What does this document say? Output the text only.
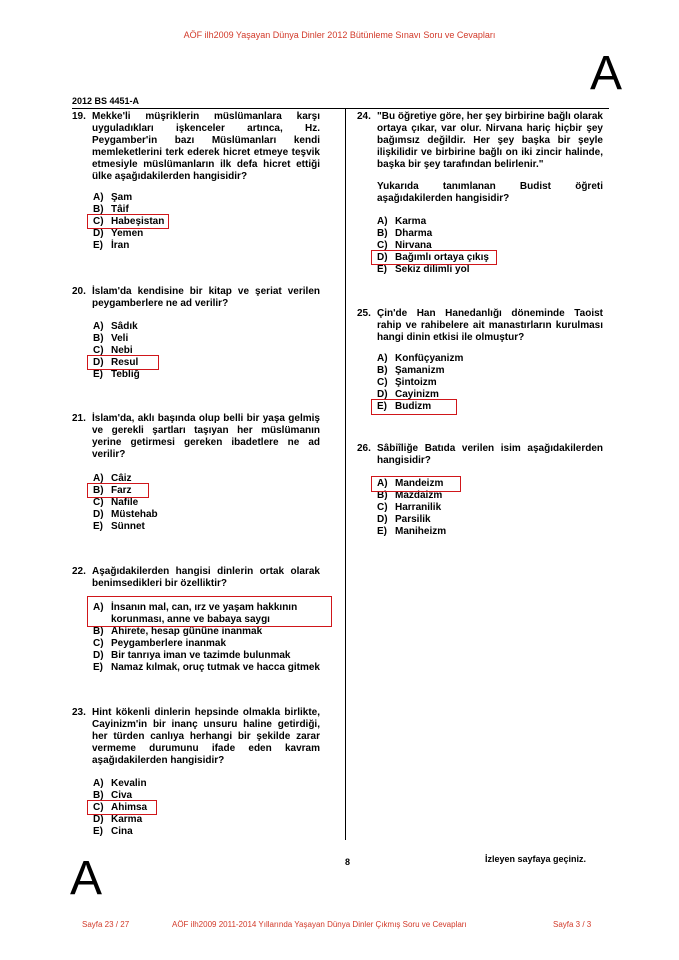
AÖF ilh2009 Yaşayan Dünya Dinler 2012 Bütünleme Sınavı Soru ve Cevapları
A
2012 BS 4451-A
19. Mekke'li müşriklerin müslümanlara karşı uyguladıkları işkenceler artınca, Hz. Peygamber'in bazı Müslümanları kendi memleketlerini terk ederek hicret etmeye teşvik etmesiyle müslümanların ilk defa hicret ettiği ülke aşağıdakilerden hangisidir?
A) Şam
B) Tâif
C) Habeşistan
D) Yemen
E) İran
20. İslam'da kendisine bir kitap ve şeriat verilen peygamberlere ne ad verilir?
A) Sâdık
B) Veli
C) Nebi
D) Resul
E) Tebliğ
21. İslam'da, aklı başında olup belli bir yaşa gelmiş ve gerekli şartları taşıyan her müslümanın yerine getirmesi gereken ibadetlere ne ad verilir?
A) Câiz
B) Farz
C) Nafile
D) Müstehab
E) Sünnet
22. Aşağıdakilerden hangisi dinlerin ortak olarak benimsedikleri bir özelliktir?
A) İnsanın mal, can, ırz ve yaşam hakkının korunması, anne ve babaya saygı
B) Ahirete, hesap gününe inanmak
C) Peygamberlere inanmak
D) Bir tanrıya iman ve tazimde bulunmak
E) Namaz kılmak, oruç tutmak ve hacca gitmek
23. Hint kökenli dinlerin hepsinde olmakla birlikte, Cayinizm'in bir inanç unsuru haline getirdiği, her türden canlıya herhangi bir şekilde zarar vermeme durumunu ifade eden kavram aşağıdakilerden hangisidir?
A) Kevalin
B) Civa
C) Ahimsa
D) Karma
E) Cina
24. "Bu öğretiye göre, her şey birbirine bağlı olarak ortaya çıkar, var olur. Nirvana hariç hiçbir şey bağımsız değildir. Her şey başka bir şeyle ilişkilidir ve birbirine bağlı on iki zincir halinde, başka bir şey tarafından belirlenir."
Yukarıda tanımlanan Budist öğreti aşağıdakilerden hangisidir?
A) Karma
B) Dharma
C) Nirvana
D) Bağımlı ortaya çıkış
E) Sekiz dilimli yol
25. Çin'de Han Hanedanlığı döneminde Taoist rahip ve rahibelere ait manastırların kurulması hangi dinin etkisi ile olmuştur?
A) Konfüçyanizm
B) Şamanizm
C) Şintoizm
D) Cayinizm
E) Budizm
26. Sâbiîliğe Batıda verilen isim aşağıdakilerden hangisidir?
A) Mandeizm
B) Mazdaizm
C) Harranilik
D) Parsilik
E) Maniheizm
A	8	İzleyen sayfaya geçiniz.
Sayfa 23 / 27	AÖF ilh2009 2011-2014 Yıllarında Yaşayan Dünya Dinler Çıkmış Soru ve Cevapları	Sayfa 3 / 3
